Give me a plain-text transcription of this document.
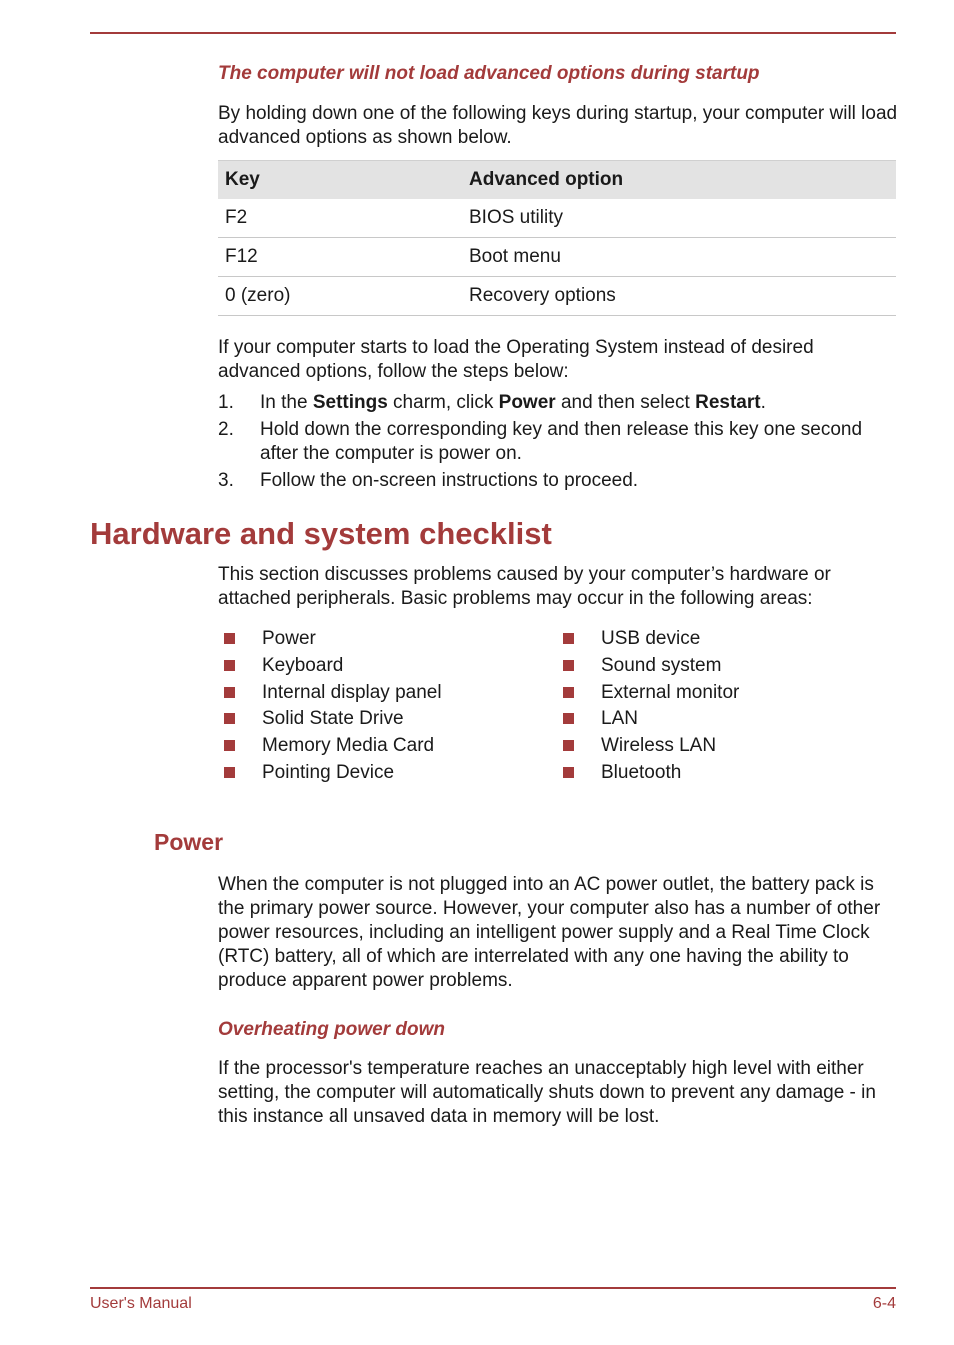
The computer will not load advanced options during startup
By holding down one of the following keys during startup, your computer will load advanced options as shown below.
Key	Advanced option
F2	BIOS utility
F12	Boot menu
0 (zero)	Recovery options
If your computer starts to load the Operating System instead of desired advanced options, follow the steps below:
1. In the Settings charm, click Power and then select Restart.
2. Hold down the corresponding key and then release this key one second after the computer is power on.
3. Follow the on-screen instructions to proceed.
Hardware and system checklist
This section discusses problems caused by your computer’s hardware or attached peripherals. Basic problems may occur in the following areas:
Power
Keyboard
Internal display panel
Solid State Drive
Memory Media Card
Pointing Device
USB device
Sound system
External monitor
LAN
Wireless LAN
Bluetooth
Power
When the computer is not plugged into an AC power outlet, the battery pack is the primary power source. However, your computer also has a number of other power resources, including an intelligent power supply and a Real Time Clock (RTC) battery, all of which are interrelated with any one having the ability to produce apparent power problems.
Overheating power down
If the processor's temperature reaches an unacceptably high level with either setting, the computer will automatically shuts down to prevent any damage - in this instance all unsaved data in memory will be lost.
User's Manual	6-4
